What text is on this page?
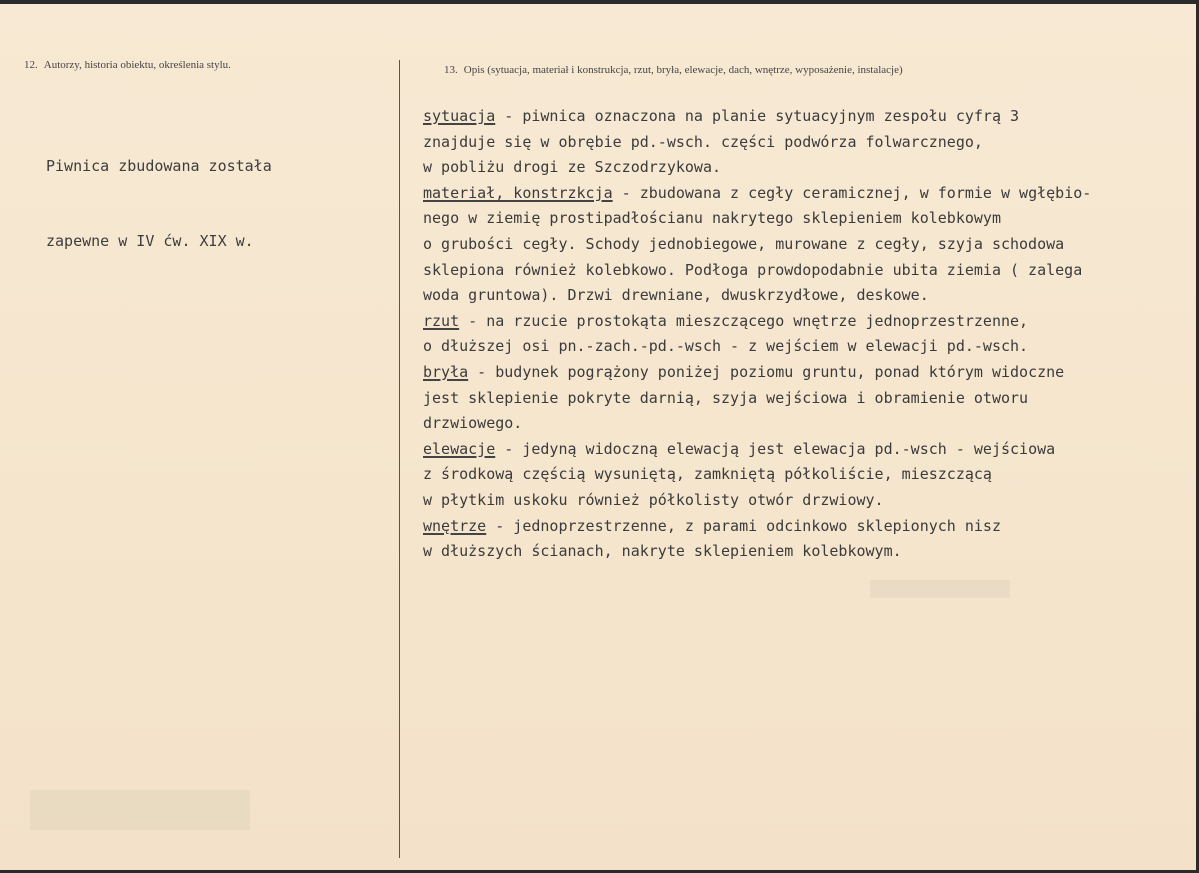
12. Autorzy, historia obiektu, określenia stylu.	13. Opis (sytuacja, materiał i konstrukcja, rzut, bryła, elewacje, dach, wnętrze, wyposażenie, instalacje)

Piwnica zbudowana została

zapewne w IV ćw. XIX w.

sytuacja - piwnica oznaczona na planie sytuacyjnym zespołu cyfrą 3
znajduje się w obrębie pd.-wsch. części podwórza folwarcznego,
w pobliżu drogi ze Szczodrzykowa.
materiał, konstrzkcja - zbudowana z cegły ceramicznej, w formie w wgłębio-
nego w ziemię prostipadłościanu nakrytego sklepieniem kolebkowym
o grubości cegły. Schody jednobiegowe, murowane z cegły, szyja schodowa
sklepiona również kolebkowo. Podłoga prowdopodabnie ubita ziemia ( zalega
woda gruntowa). Drzwi drewniane, dwuskrzydłowe, deskowe.
rzut - na rzucie prostokąta mieszczącego wnętrze jednoprzestrzenne,
o dłuższej osi pn.-zach.-pd.-wsch - z wejściem w elewacji pd.-wsch.
bryła - budynek pogrążony poniżej poziomu gruntu, ponad którym widoczne
jest sklepienie pokryte darnią, szyja wejściowa i obramienie otworu
drzwiowego.
elewacje - jedyną widoczną elewacją jest elewacja pd.-wsch - wejściowa
z środkową częścią wysuniętą, zamkniętą półkoliście, mieszczącą
w płytkim uskoku również półkolisty otwór drzwiowy.
wnętrze - jednoprzestrzenne, z parami odcinkowo sklepionych nisz
w dłuższych ścianach, nakryte sklepieniem kolebkowym.
